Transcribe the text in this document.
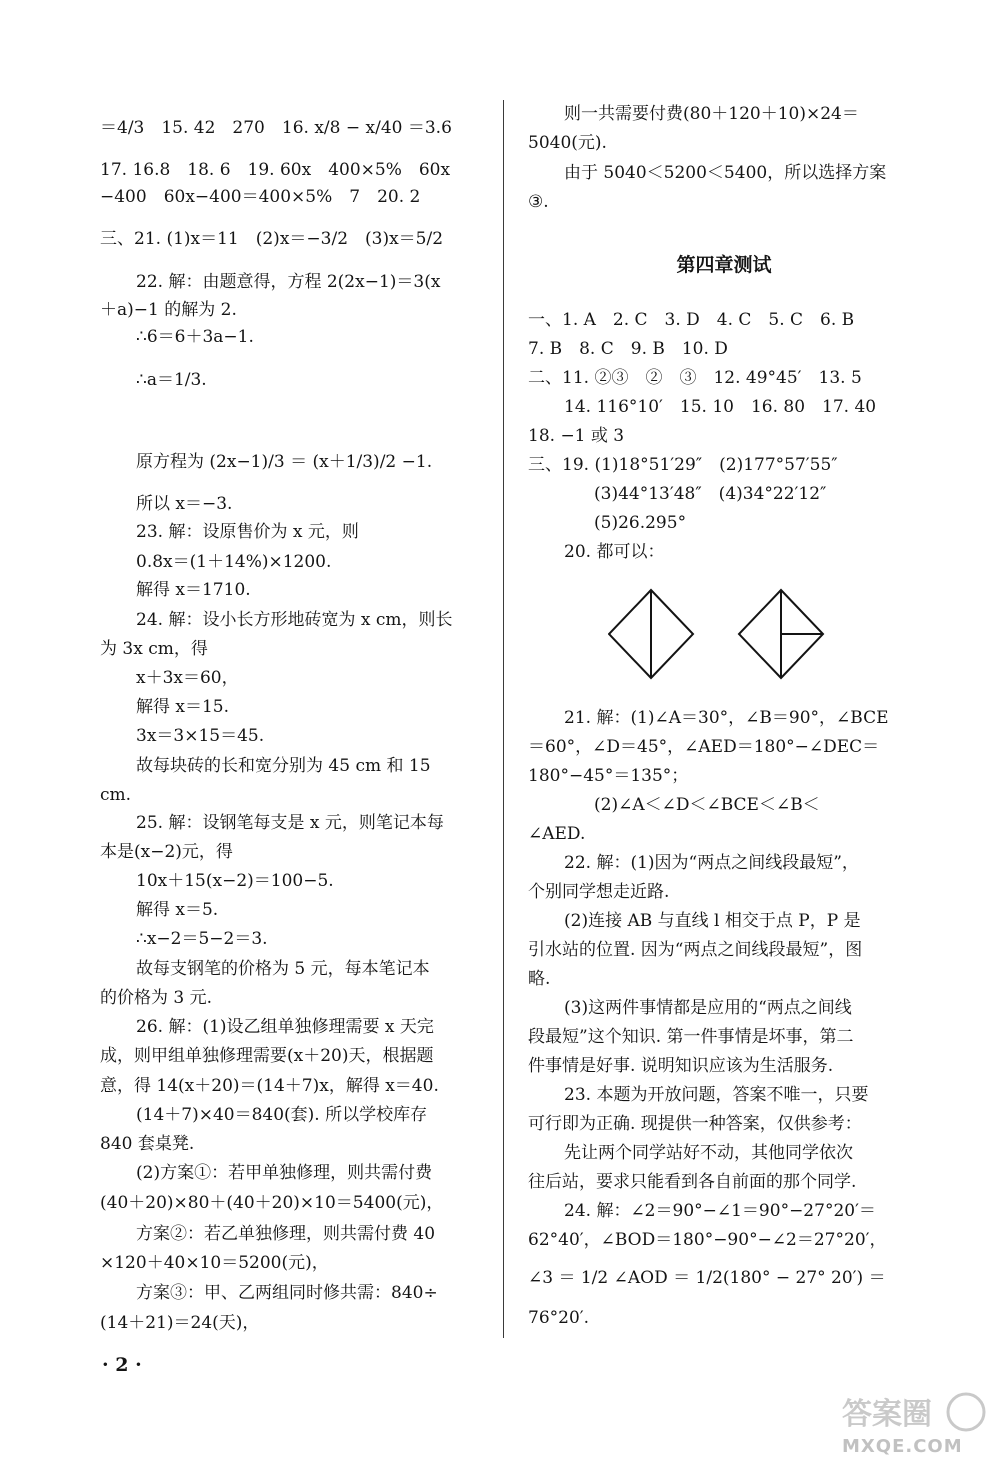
＝4/3　15. 42　270　16. x/8 − x/40 ＝3.6
17. 16.8　18. 6　19. 60x　400×5%　60x
−400　60x−400＝400×5%　7　20. 2
三、21. (1)x＝11　(2)x＝−3/2　(3)x＝5/2
22. 解：由题意得，方程 2(2x−1)＝3(x
＋a)−1 的解为 2.
∴6＝6＋3a−1.
∴a＝1/3.
原方程为 (2x−1)/3 ＝ (x＋1/3)/2 −1.
所以 x＝−3.
23. 解：设原售价为 x 元，则
0.8x＝(1＋14%)×1200.
解得 x＝1710.
24. 解：设小长方形地砖宽为 x cm，则长
为 3x cm，得
x＋3x＝60，
解得 x＝15.
3x＝3×15＝45.
故每块砖的长和宽分别为 45 cm 和 15
cm.
25. 解：设钢笔每支是 x 元，则笔记本每
本是(x−2)元，得
10x＋15(x−2)＝100−5.
解得 x＝5.
∴x−2＝5−2＝3.
故每支钢笔的价格为 5 元，每本笔记本
的价格为 3 元.
26. 解：(1)设乙组单独修理需要 x 天完
成，则甲组单独修理需要(x＋20)天，根据题
意，得 14(x＋20)＝(14＋7)x，解得 x＝40.
(14＋7)×40＝840(套). 所以学校库存
840 套桌凳.
(2)方案①：若甲单独修理，则共需付费
(40＋20)×80＋(40＋20)×10＝5400(元)，
方案②：若乙单独修理，则共需付费 40
×120＋40×10＝5200(元)，
方案③：甲、乙两组同时修共需：840÷
(14＋21)＝24(天)，
则一共需要付费(80＋120＋10)×24＝
5040(元).
由于 5040＜5200＜5400，所以选择方案
③.
第四章测试
一、1. A　2. C　3. D　4. C　5. C　6. B
7. B　8. C　9. B　10. D
二、11. ②③　②　③　12. 49°45′　13. 5
14. 116°10′　15. 10　16. 80　17. 40
18. −1 或 3
三、19. (1)18°51′29″　(2)177°57′55″
(3)44°13′48″　(4)34°22′12″
(5)26.295°
20. 都可以：
21. 解：(1)∠A＝30°，∠B＝90°，∠BCE
＝60°，∠D＝45°，∠AED＝180°−∠DEC＝
180°−45°＝135°；
(2)∠A＜∠D＜∠BCE＜∠B＜
∠AED.
22. 解：(1)因为“两点之间线段最短”，
个别同学想走近路.
(2)连接 AB 与直线 l 相交于点 P，P 是
引水站的位置. 因为“两点之间线段最短”，图
略.
(3)这两件事情都是应用的“两点之间线
段最短”这个知识. 第一件事情是坏事，第二
件事情是好事. 说明知识应该为生活服务.
23. 本题为开放问题，答案不唯一，只要
可行即为正确. 现提供一种答案，仅供参考：
先让两个同学站好不动，其他同学依次
往后站，要求只能看到各自前面的那个同学.
24. 解：∠2＝90°−∠1＝90°−27°20′＝
62°40′，∠BOD＝180°−90°−∠2＝27°20′，
∠3 ＝ 1/2 ∠AOD ＝ 1/2(180° − 27° 20′) ＝
76°20′.
· 2 ·
答案圈
MXQE.COM
